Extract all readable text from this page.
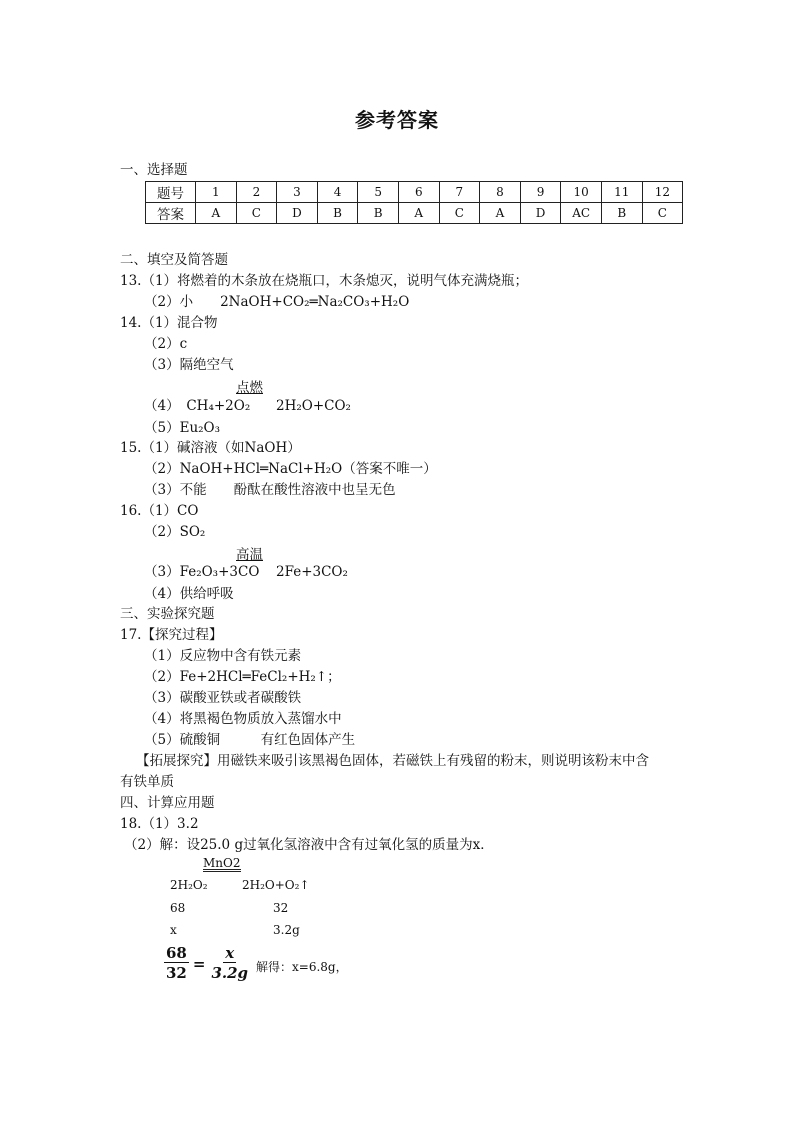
参考答案
一、选择题
题号	1	2	3	4	5	6	7	8	9	10	11	12
答案	A	C	D	B	B	A	C	A	D	AC	B	C
二、填空及简答题
13.（1）将燃着的木条放在烧瓶口，木条熄灭，说明气体充满烧瓶；
（2）小　　2NaOH+CO₂═Na₂CO₃+H₂O
14.（1）混合物
（2）c
（3）隔绝空气
点燃
（4）　CH₄+2O₂ 2H₂O+CO₂
（5）Eu₂O₃
15.（1）碱溶液（如NaOH）
（2）NaOH+HCl═NaCl+H₂O（答案不唯一）
（3）不能　　酚酞在酸性溶液中也呈无色
16.（1）CO
（2）SO₂
高温
（3）Fe₂O₃+3CO 2Fe+3CO₂
（4）供给呼吸
三、实验探究题
17.【探究过程】
（1）反应物中含有铁元素
（2）Fe+2HCl═FeCl₂+H₂↑；
（3）碳酸亚铁或者碳酸铁
（4）将黑褐色物质放入蒸馏水中
（5）硫酸铜　　　有红色固体产生
【拓展探究】用磁铁来吸引该黑褐色固体，若磁铁上有残留的粉末，则说明该粉末中含
有铁单质
四、计算应用题
18.（1）3.2
（2）解：设25.0 g过氧化氢溶液中含有过氧化氢的质量为x．
MnO2
2H₂O₂	2H₂O+O₂↑
68	32
x	3.2g
$\frac{68}{32} = \frac{x}{3.2g}$ 解得：x=6.8g，
